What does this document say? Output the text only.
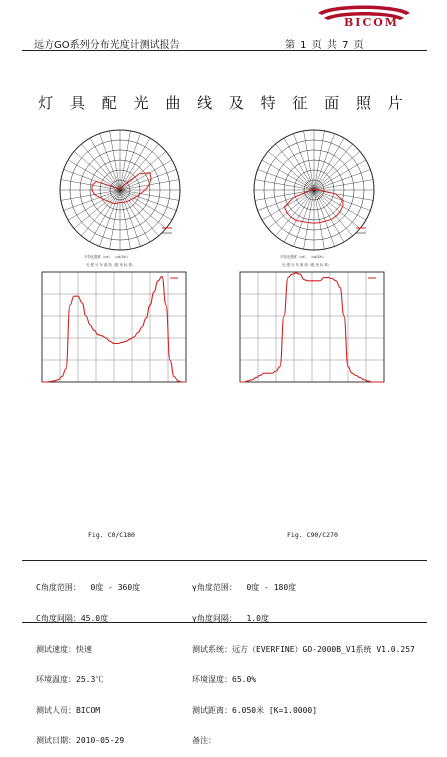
BICOM
远方GO系列分布光度计测试报告	第 1 页 共 7 页
灯 具 配 光 曲 线 及 特 征 面 照 片
平均光强度（cd） （cd/1kl）
光 强 分 布 曲 线（极 坐 标 系）
平均光强度（cd） （cd/1kl）
光 强 分 布 曲 线（极 坐 标 系）
Fig. C0/C180	Fig. C90/C270

C角度范围：  0度 - 360度

C角度间隔：45.0度

测试速度：快速

环境温度：25.3℃

测试人员：BICOM

测试日期：2010-05-29

γ角度范围：  0度 - 180度

γ角度间隔：  1.0度

测试系统：远方（EVERFINE）GO-2000B_V1系统 V1.0.257

环境湿度：65.0%

测试距离：6.050米 [K=1.0000]

备注：
